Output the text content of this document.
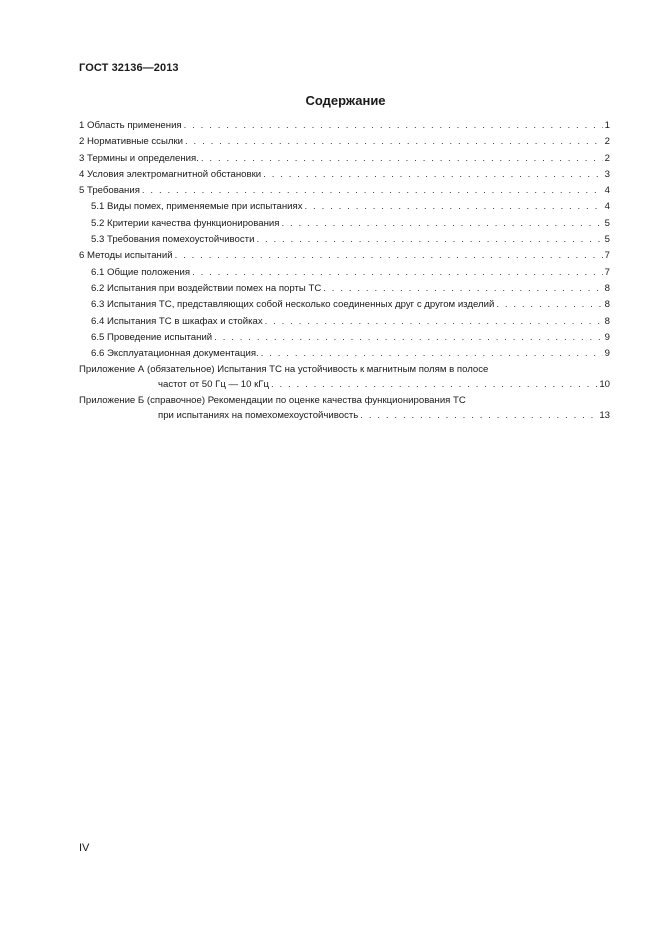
ГОСТ 32136—2013
Содержание
1 Область применения . . .	1
2 Нормативные ссылки . . .	2
3 Термины и определения. . . .	2
4 Условия электромагнитной обстановки . . .	3
5 Требования . . .	4
5.1 Виды помех, применяемые при испытаниях . . .	4
5.2 Критерии качества функционирования . . .	5
5.3 Требования помехоустойчивости . . .	5
6 Методы испытаний . . .	7
6.1 Общие положения . . .	7
6.2 Испытания при воздействии помех на порты ТС . . .	8
6.3 Испытания ТС, представляющих собой несколько соединенных друг с другом изделий . . .	8
6.4 Испытания ТС в шкафах и стойках . . .	8
6.5 Проведение испытаний . . .	9
6.6 Эксплуатационная документация. . . .	9
Приложение А (обязательное) Испытания ТС на устойчивость к магнитным полям в полосе
частот от 50 Гц — 10 кГц . . .	10
Приложение Б (справочное) Рекомендации по оценке качества функционирования ТС
при испытаниях на помехомехоустойчивость . . .	13
IV
